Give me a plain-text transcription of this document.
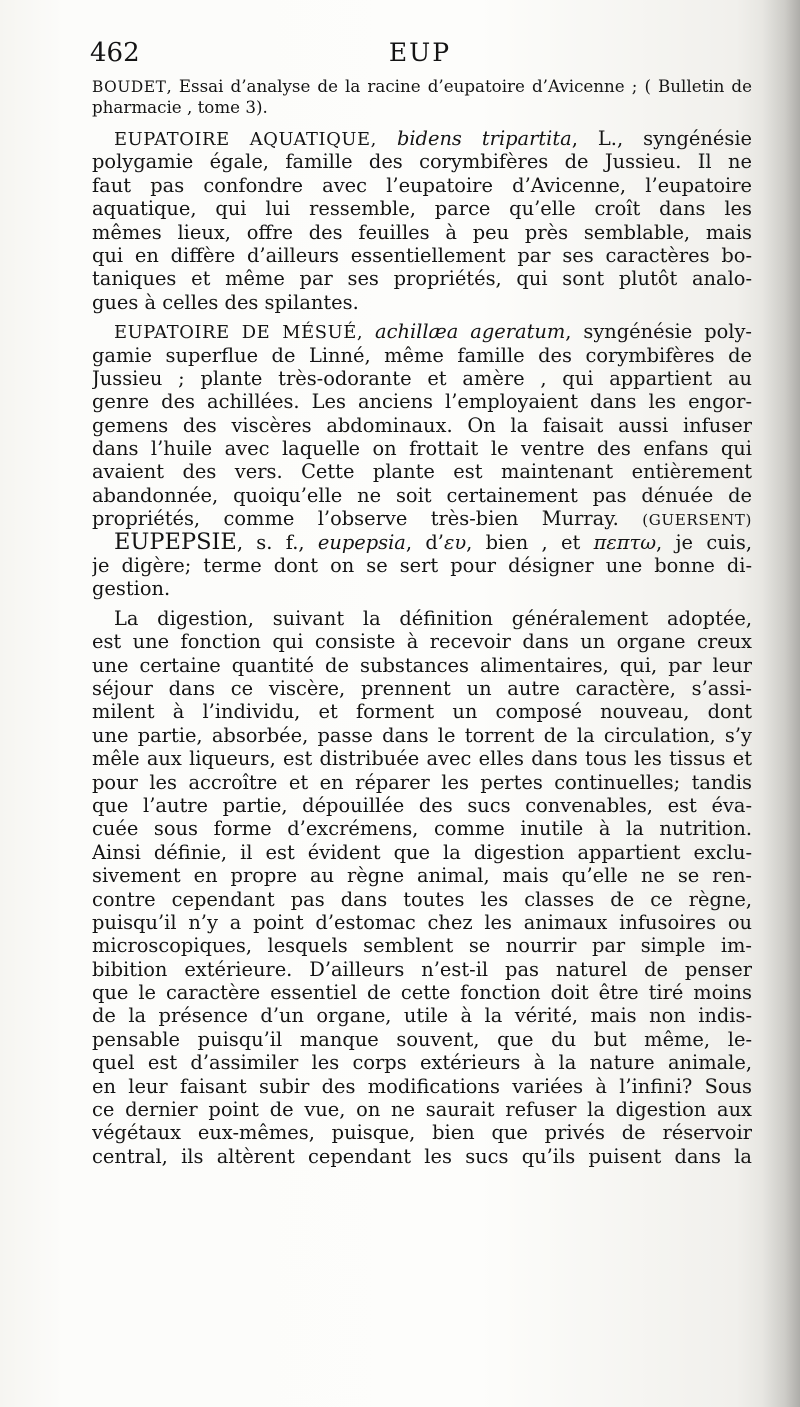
462	EUP
BOUDET, Essai d’analyse de la racine d’eupatoire d’Avicenne ; ( Bulletin de
pharmacie , tome 3).
EUPATOIRE AQUATIQUE, bidens tripartita, L., syngénésie
polygamie égale, famille des corymbifères de Jussieu. Il ne
faut pas confondre avec l’eupatoire d’Avicenne, l’eupatoire
aquatique, qui lui ressemble, parce qu’elle croît dans les
mêmes lieux, offre des feuilles à peu près semblable, mais
qui en diffère d’ailleurs essentiellement par ses caractères bo-
taniques et même par ses propriétés, qui sont plutôt analo-
gues à celles des spilantes.
EUPATOIRE DE MÉSUÉ, achillæa ageratum, syngénésie poly-
gamie superflue de Linné, même famille des corymbifères de
Jussieu ; plante très-odorante et amère , qui appartient au
genre des achillées. Les anciens l’employaient dans les engor-
gemens des viscères abdominaux. On la faisait aussi infuser
dans l’huile avec laquelle on frottait le ventre des enfans qui
avaient des vers. Cette plante est maintenant entièrement
abandonnée, quoiqu’elle ne soit certainement pas dénuée de
propriétés, comme l’observe très-bien Murray. (GUERSENT)
EUPEPSIE, s. f., eupepsia, d’ευ, bien , et πεπτω, je cuis,
je digère; terme dont on se sert pour désigner une bonne di-
gestion.
La digestion, suivant la définition généralement adoptée,
est une fonction qui consiste à recevoir dans un organe creux
une certaine quantité de substances alimentaires, qui, par leur
séjour dans ce viscère, prennent un autre caractère, s’assi-
milent à l’individu, et forment un composé nouveau, dont
une partie, absorbée, passe dans le torrent de la circulation, s’y
mêle aux liqueurs, est distribuée avec elles dans tous les tissus et
pour les accroître et en réparer les pertes continuelles; tandis
que l’autre partie, dépouillée des sucs convenables, est éva-
cuée sous forme d’excrémens, comme inutile à la nutrition.
Ainsi définie, il est évident que la digestion appartient exclu-
sivement en propre au règne animal, mais qu’elle ne se ren-
contre cependant pas dans toutes les classes de ce règne,
puisqu’il n’y a point d’estomac chez les animaux infusoires ou
microscopiques, lesquels semblent se nourrir par simple im-
bibition extérieure. D’ailleurs n’est-il pas naturel de penser
que le caractère essentiel de cette fonction doit être tiré moins
de la présence d’un organe, utile à la vérité, mais non indis-
pensable puisqu’il manque souvent, que du but même, le-
quel est d’assimiler les corps extérieurs à la nature animale,
en leur faisant subir des modifications variées à l’infini? Sous
ce dernier point de vue, on ne saurait refuser la digestion aux
végétaux eux-mêmes, puisque, bien que privés de réservoir
central, ils altèrent cependant les sucs qu’ils puisent dans la
